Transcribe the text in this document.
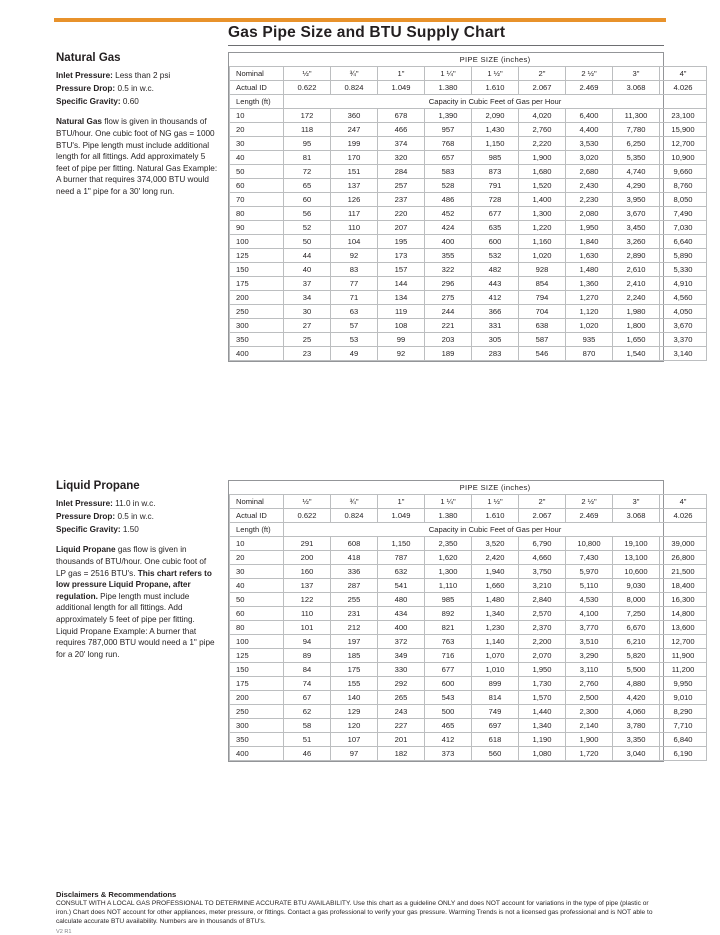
Gas Pipe Size and BTU Supply Chart
Natural Gas
Inlet Pressure: Less than 2 psi
Pressure Drop: 0.5 in w.c.
Specific Gravity: 0.60
Natural Gas flow is given in thousands of BTU/hour. One cubic foot of NG gas = 1000 BTU's. Pipe length must include additional length for all fittings. Add approximately 5 feet of pipe per fitting. Natural Gas Example: A burner that requires 374,000 BTU would need a 1" pipe for a 30' long run.
Liquid Propane
Inlet Pressure: 11.0 in w.c.
Pressure Drop: 0.5 in w.c.
Specific Gravity: 1.50
Liquid Propane gas flow is given in thousands of BTU/hour. One cubic foot of LP gas = 2516 BTU's. This chart refers to low pressure Liquid Propane, after regulation. Pipe length must include additional length for all fittings. Add approximately 5 feet of pipe per fitting. Liquid Propane Example: A burner that requires 787,000 BTU would need a 1" pipe for a 20' long run.
	PIPE SIZE (inches)								
Nominal	½"	¾"	1"	1 ¼"	1 ½"	2"	2 ½"	3"	4"
Actual ID	0.622	0.824	1.049	1.380	1.610	2.067	2.469	3.068	4.026
Length (ft)	Capacity in Cubic Feet of Gas per Hour								
10	172	360	678	1,390	2,090	4,020	6,400	11,300	23,100
20	118	247	466	957	1,430	2,760	4,400	7,780	15,900
30	95	199	374	768	1,150	2,220	3,530	6,250	12,700
40	81	170	320	657	985	1,900	3,020	5,350	10,900
50	72	151	284	583	873	1,680	2,680	4,740	9,660
60	65	137	257	528	791	1,520	2,430	4,290	8,760
70	60	126	237	486	728	1,400	2,230	3,950	8,050
80	56	117	220	452	677	1,300	2,080	3,670	7,490
90	52	110	207	424	635	1,220	1,950	3,450	7,030
100	50	104	195	400	600	1,160	1,840	3,260	6,640
125	44	92	173	355	532	1,020	1,630	2,890	5,890
150	40	83	157	322	482	928	1,480	2,610	5,330
175	37	77	144	296	443	854	1,360	2,410	4,910
200	34	71	134	275	412	794	1,270	2,240	4,560
250	30	63	119	244	366	704	1,120	1,980	4,050
300	27	57	108	221	331	638	1,020	1,800	3,670
350	25	53	99	203	305	587	935	1,650	3,370
400	23	49	92	189	283	546	870	1,540	3,140
	PIPE SIZE (inches)								
Nominal	½"	¾"	1"	1 ¼"	1 ½"	2"	2 ½"	3"	4"
Actual ID	0.622	0.824	1.049	1.380	1.610	2.067	2.469	3.068	4.026
Length (ft)	Capacity in Cubic Feet of Gas per Hour								
10	291	608	1,150	2,350	3,520	6,790	10,800	19,100	39,000
20	200	418	787	1,620	2,420	4,660	7,430	13,100	26,800
30	160	336	632	1,300	1,940	3,750	5,970	10,600	21,500
40	137	287	541	1,110	1,660	3,210	5,110	9,030	18,400
50	122	255	480	985	1,480	2,840	4,530	8,000	16,300
60	110	231	434	892	1,340	2,570	4,100	7,250	14,800
80	101	212	400	821	1,230	2,370	3,770	6,670	13,600
100	94	197	372	763	1,140	2,200	3,510	6,210	12,700
125	89	185	349	716	1,070	2,070	3,290	5,820	11,900
150	84	175	330	677	1,010	1,950	3,110	5,500	11,200
175	74	155	292	600	899	1,730	2,760	4,880	9,950
200	67	140	265	543	814	1,570	2,500	4,420	9,010
250	62	129	243	500	749	1,440	2,300	4,060	8,290
300	58	120	227	465	697	1,340	2,140	3,780	7,710
350	51	107	201	412	618	1,190	1,900	3,350	6,840
400	46	97	182	373	560	1,080	1,720	3,040	6,190
Disclaimers & Recommendations
CONSULT WITH A LOCAL GAS PROFESSIONAL TO DETERMINE ACCURATE BTU AVAILABILITY. Use this chart as a guideline ONLY and does NOT account for variations in the type of pipe (plastic or iron.) Chart does NOT account for other appliances, meter pressure, or fittings. Contact a gas professional to verify your gas pressure. Warming Trends is not a licensed gas professional and is NOT able to calculate accurate BTU availability. Numbers are in thousands of BTU's.
V2 R1
